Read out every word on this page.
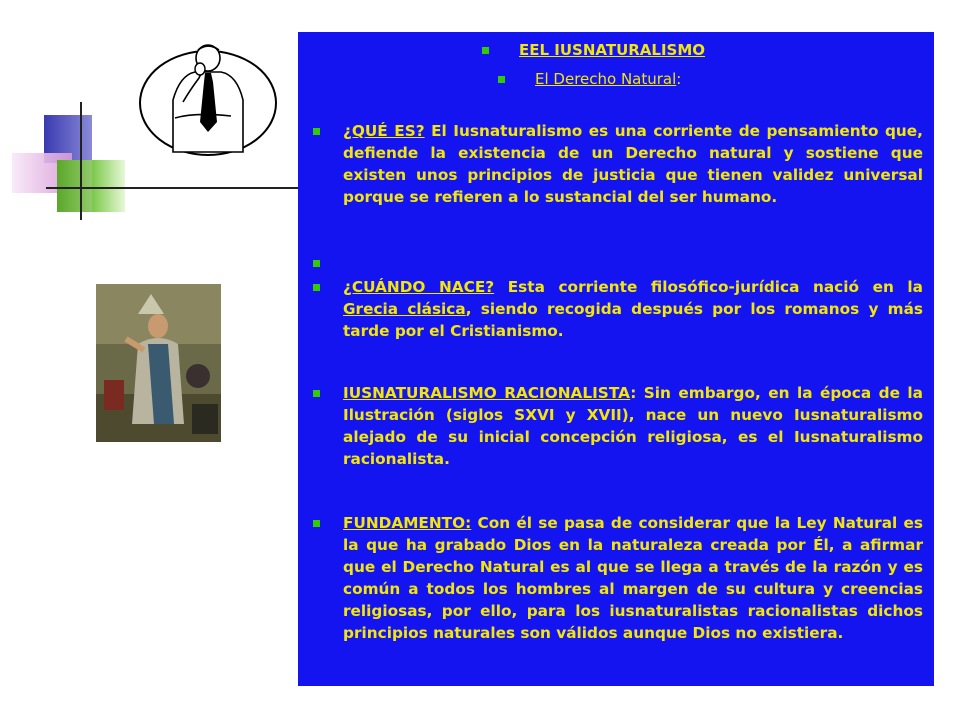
EEL IUSNATURALISMO
El Derecho Natural:
¿QUÉ ES? El Iusnaturalismo es una corriente de pensamiento que, defiende la existencia de un Derecho natural y sostiene que existen unos principios de justicia que tienen validez universal porque se refieren a lo sustancial del ser humano.
¿CUÁNDO NACE? Esta corriente filosófico-jurídica nació en la Grecia clásica, siendo recogida después por los romanos y más tarde por el Cristianismo.
IUSNATURALISMO RACIONALISTA: Sin embargo, en la época de la Ilustración (siglos SXVI y XVII), nace un nuevo Iusnaturalismo alejado de su inicial concepción religiosa, es el Iusnaturalismo racionalista.
FUNDAMENTO: Con él se pasa de considerar que la Ley Natural es la que ha grabado Dios en la naturaleza creada por Él, a afirmar que el Derecho Natural es al que se llega a través de la razón y es común a todos los hombres al margen de su cultura y creencias religiosas, por ello, para los iusnaturalistas racionalistas dichos principios naturales son válidos aunque Dios no existiera.
